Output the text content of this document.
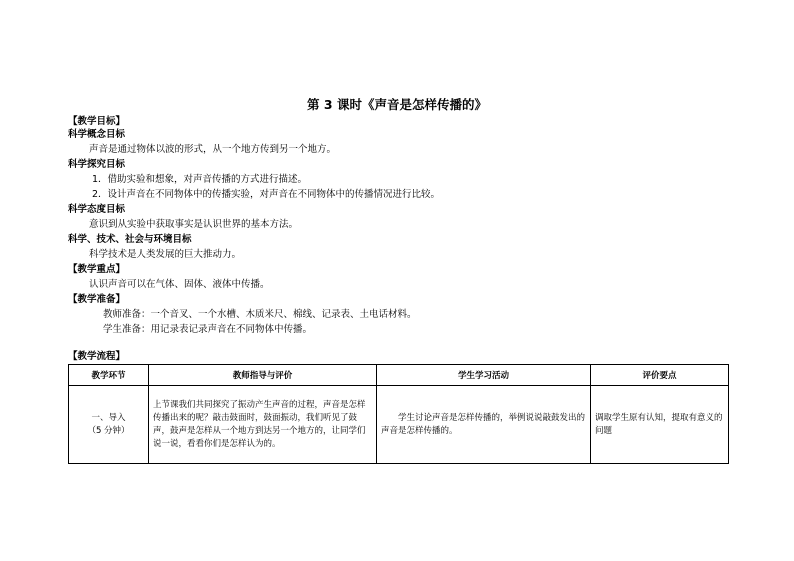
第 3 课时《声音是怎样传播的》
【教学目标】
科学概念目标
声音是通过物体以波的形式，从一个地方传到另一个地方。
科学探究目标
1．借助实验和想象，对声音传播的方式进行描述。
2．设计声音在不同物体中的传播实验，对声音在不同物体中的传播情况进行比较。
科学态度目标
意识到从实验中获取事实是认识世界的基本方法。
科学、技术、社会与环境目标
科学技术是人类发展的巨大推动力。
【教学重点】
认识声音可以在气体、固体、液体中传播。
【教学准备】
教师准备：一个音叉、一个水槽、木质米尺、棉线、记录表、土电话材料。
学生准备：用记录表记录声音在不同物体中传播。
【教学流程】
教学环节	教师指导与评价	学生学习活动	评价要点

一、导入
（5 分钟）	上节课我们共同探究了振动产生声音的过程，声音是怎样传播出来的呢？敲击鼓面时，鼓面振动，我们听见了鼓声，鼓声是怎样从一个地方到达另一个地方的，让同学们说一说，看看你们是怎样认为的。	学生讨论声音是怎样传播的，举例说说敲鼓发出的声音是怎样传播的。	调取学生原有认知，提取有意义的问题
